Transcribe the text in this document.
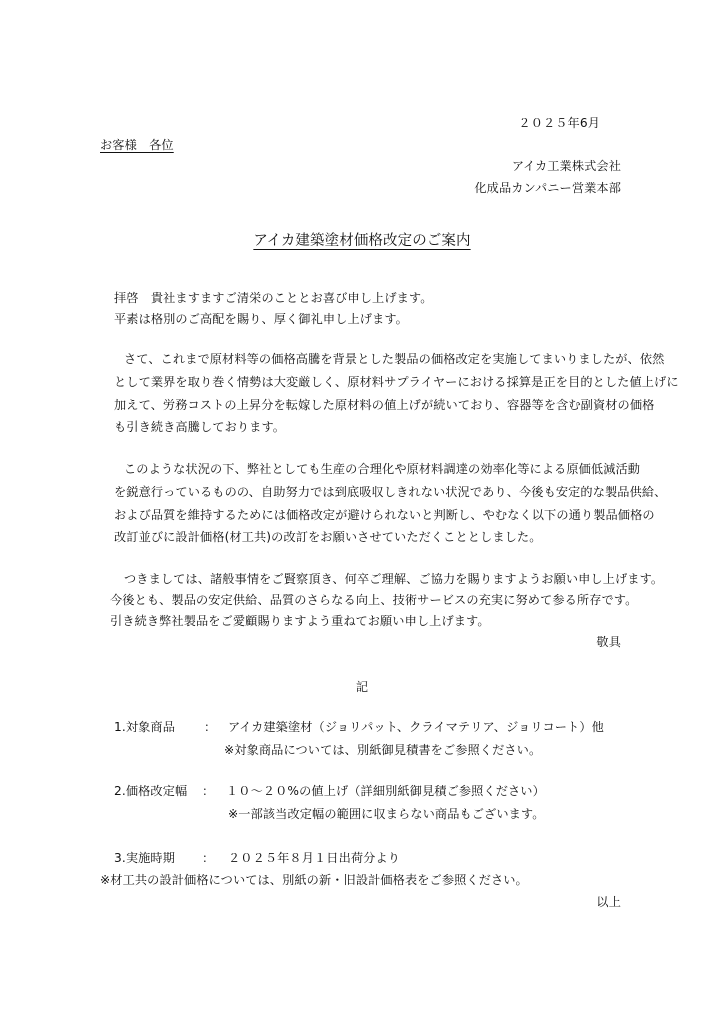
２０２５年6月
お客様　各位
アイカ工業株式会社
化成品カンパニー営業本部
アイカ建築塗材価格改定のご案内
拝啓　貴社ますますご清栄のこととお喜び申し上げます。
平素は格別のご高配を賜り、厚く御礼申し上げます。
さて、これまで原材料等の価格高騰を背景とした製品の価格改定を実施してまいりましたが、依然
として業界を取り巻く情勢は大変厳しく、原材料サプライヤーにおける採算是正を目的とした値上げに
加えて、労務コストの上昇分を転嫁した原材料の値上げが続いており、容器等を含む副資材の価格
も引き続き高騰しております。
このような状況の下、弊社としても生産の合理化や原材料調達の効率化等による原価低減活動
を鋭意行っているものの、自助努力では到底吸収しきれない状況であり、今後も安定的な製品供給、
および品質を維持するためには価格改定が避けられないと判断し、やむなく以下の通り製品価格の
改訂並びに設計価格(材工共)の改訂をお願いさせていただくこととしました。
つきましては、諸般事情をご賢察頂き、何卒ご理解、ご協力を賜りますようお願い申し上げます。
今後とも、製品の安定供給、品質のさらなる向上、技術サービスの充実に努めて参る所存です。
引き続き弊社製品をご愛顧賜りますよう重ねてお願い申し上げます。
敬具
記
1.対象商品 ： アイカ建築塗材（ジョリパット、クライマテリア、ジョリコート）他
※対象商品については、別紙御見積書をご参照ください。
2.価格改定幅 ： １０～２０%の値上げ（詳細別紙御見積ご参照ください）
※一部該当改定幅の範囲に収まらない商品もございます。
3.実施時期 ： ２０２５年８月１日出荷分より
※材工共の設計価格については、別紙の新・旧設計価格表をご参照ください。
以上
